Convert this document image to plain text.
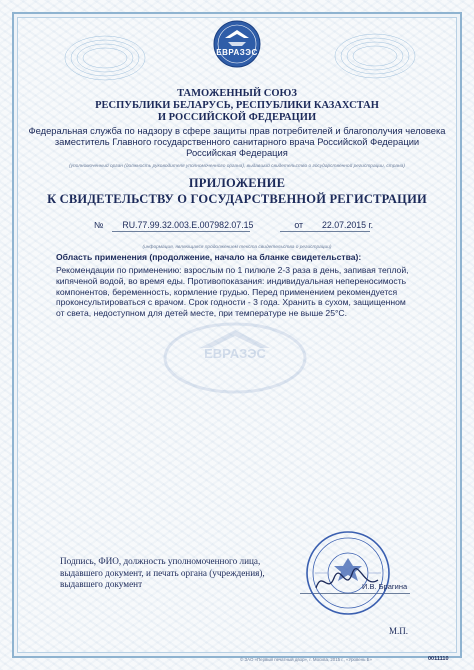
ЕВРАЗЭС
ТАМОЖЕННЫЙ СОЮЗ
РЕСПУБЛИКИ БЕЛАРУСЬ, РЕСПУБЛИКИ КАЗАХСТАН
И РОССИЙСКОЙ ФЕДЕРАЦИИ
Федеральная служба по надзору в сфере защиты прав потребителей и благополучия человека
заместитель Главного государственного санитарного врача Российской Федерации
Российская Федерация
(уполномоченный орган (должность руководителя уполномоченного органа), выдавший свидетельство о государственной регистрации, страна)
ПРИЛОЖЕНИЕ
К СВИДЕТЕЛЬСТВУ О ГОСУДАРСТВЕННОЙ РЕГИСТРАЦИИ
№ RU.77.99.32.003.E.007982.07.15	от 22.07.2015 г.
(информация, являющаяся продолжением текста свидетельства о регистрации)
Область применения (продолжение, начало на бланке свидетельства):
Рекомендации по применению: взрослым по 1 пилюле 2-3 раза в день, запивая теплой, кипяченой водой, во время еды. Противопоказания: индивидуальная непереносимость компонентов, беременность, кормление грудью. Перед применением рекомендуется проконсультироваться с врачом. Срок годности - 3 года. Хранить в сухом, защищенном от света, недоступном для детей месте, при температуре не выше 25°С.
ЕВРАЗЭС
Подпись, ФИО, должность уполномоченного лица, выдавшего документ, и печать органа (учреждения), выдавшего документ	И.В. Брагина
М.П.
© ЗАО «Первый печатный двор», г. Москва, 2015 г., «Уровень Б»	0011110
